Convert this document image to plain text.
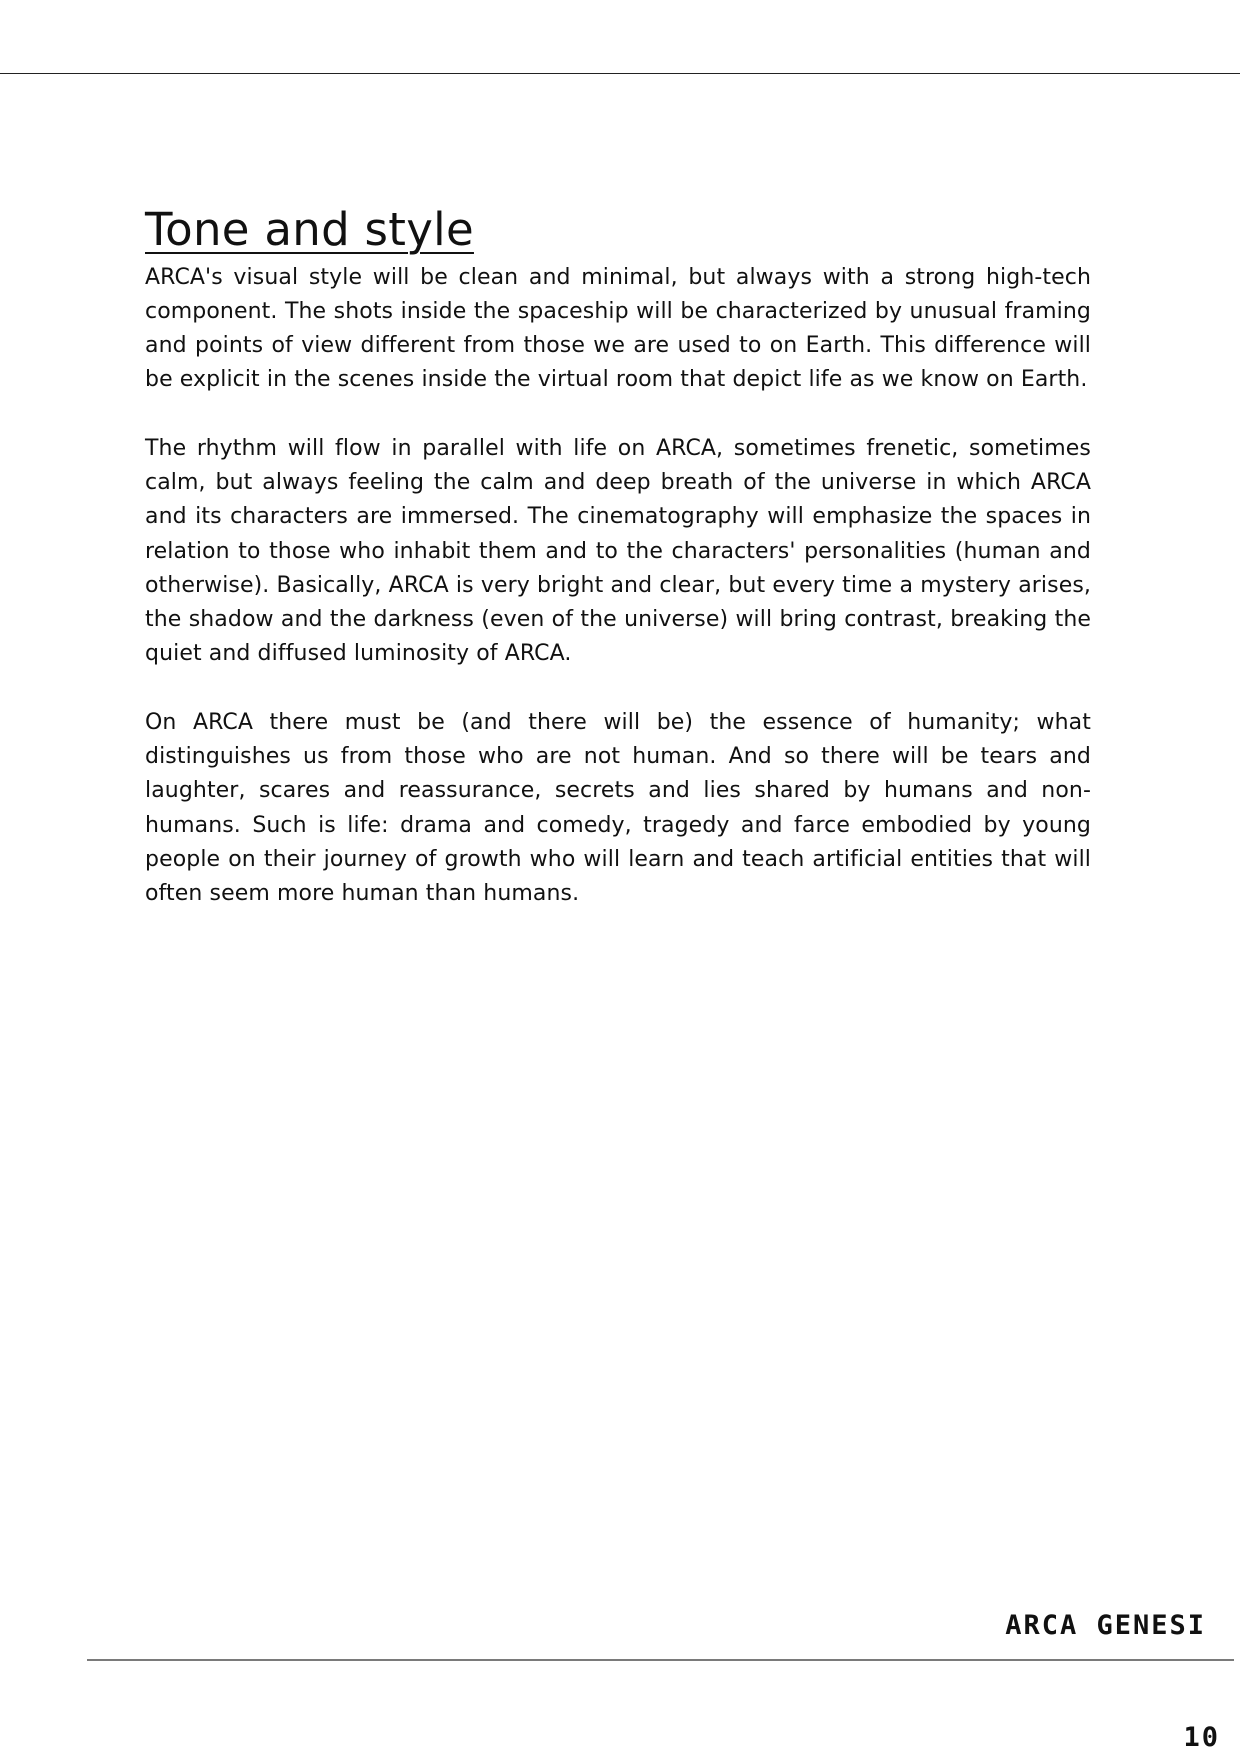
Tone and style

ARCA's visual style will be clean and minimal, but always with a strong high-tech component. The shots inside the spaceship will be characterized by unusual framing and points of view different from those we are used to on Earth. This difference will be explicit in the scenes inside the virtual room that depict life as we know on Earth.

The rhythm will flow in parallel with life on ARCA, sometimes frenetic, sometimes calm, but always feeling the calm and deep breath of the universe in which ARCA and its characters are immersed. The cinematography will emphasize the spaces in relation to those who inhabit them and to the characters' personalities (human and otherwise). Basically, ARCA is very bright and clear, but every time a mystery arises, the shadow and the darkness (even of the universe) will bring contrast, breaking the quiet and diffused luminosity of ARCA.

On ARCA there must be (and there will be) the essence of humanity; what distinguishes us from those who are not human. And so there will be tears and laughter, scares and reassurance, secrets and lies shared by humans and non-humans. Such is life: drama and comedy, tragedy and farce embodied by young people on their journey of growth who will learn and teach artificial entities that will often seem more human than humans.

ARCA GENESI
10
